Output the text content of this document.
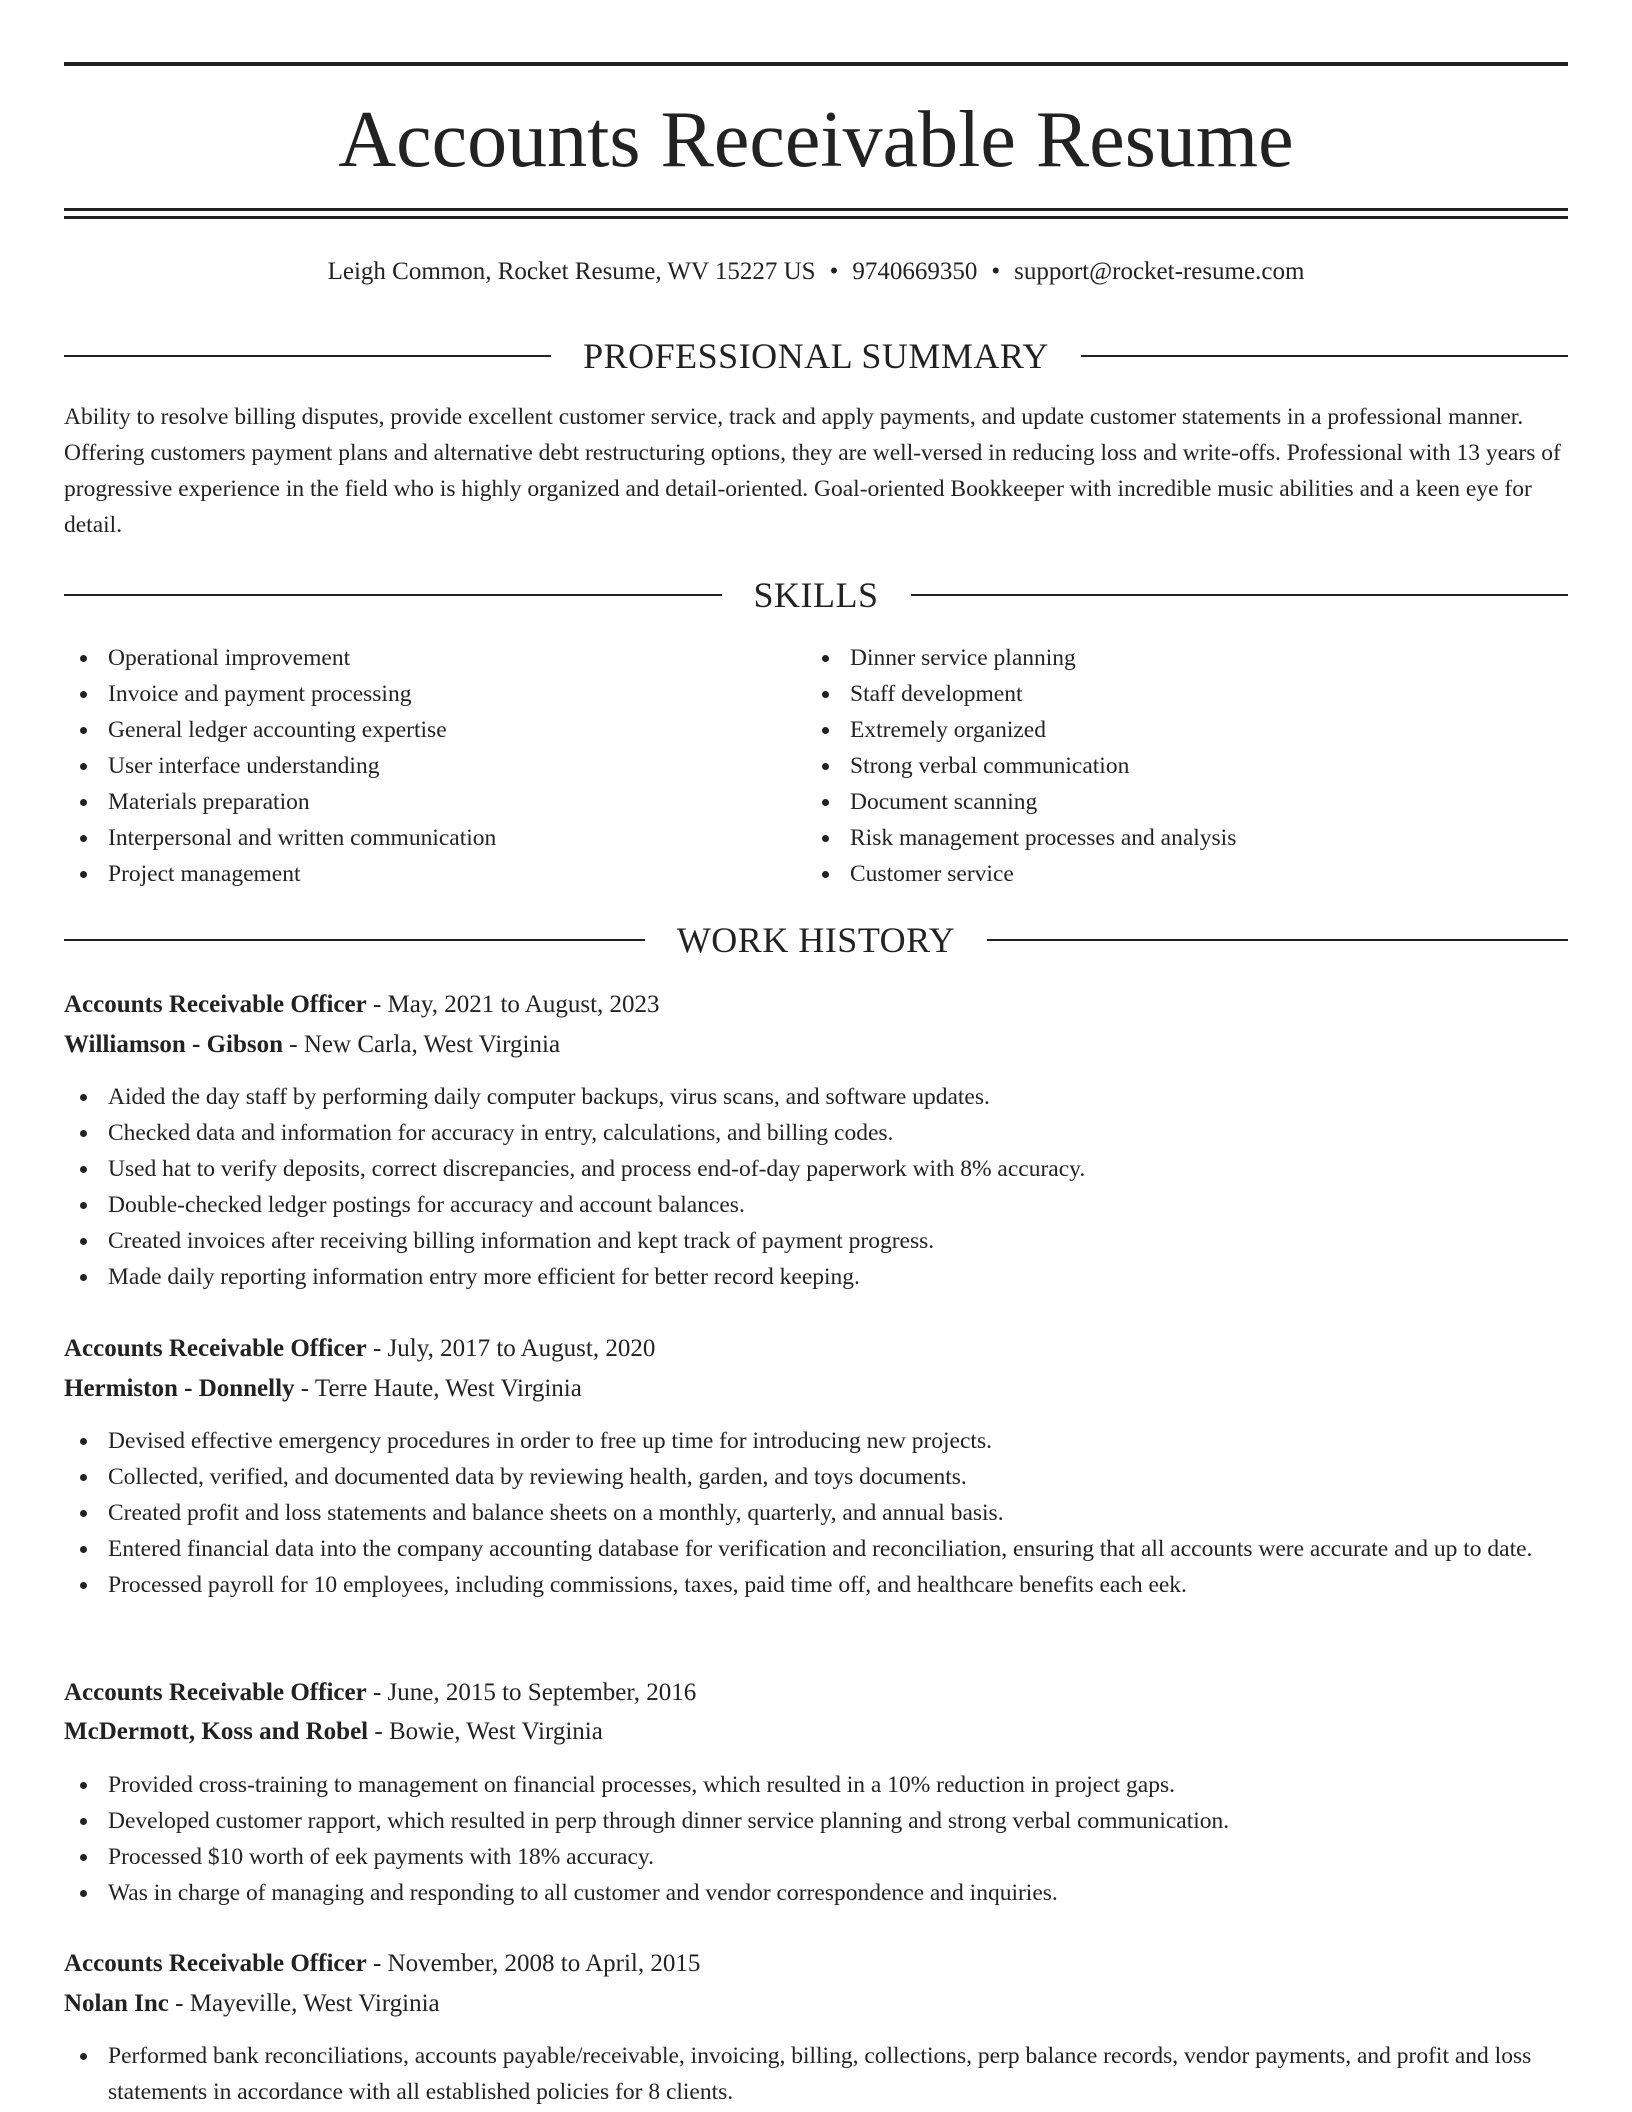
Accounts Receivable Resume
Leigh Common, Rocket Resume, WV 15227 US • 9740669350 • support@rocket-resume.com
PROFESSIONAL SUMMARY

Ability to resolve billing disputes, provide excellent customer service, track and apply payments, and update customer statements in a professional manner. Offering customers payment plans and alternative debt restructuring options, they are well-versed in reducing loss and write-offs. Professional with 13 years of progressive experience in the field who is highly organized and detail-oriented. Goal-oriented Bookkeeper with incredible music abilities and a keen eye for detail.

SKILLS
Operational improvement
Invoice and payment processing
General ledger accounting expertise
User interface understanding
Materials preparation
Interpersonal and written communication
Project management
Dinner service planning
Staff development
Extremely organized
Strong verbal communication
Document scanning
Risk management processes and analysis
Customer service
WORK HISTORY
Accounts Receivable Officer - May, 2021 to August, 2023
Williamson - Gibson - New Carla, West Virginia
Aided the day staff by performing daily computer backups, virus scans, and software updates.
Checked data and information for accuracy in entry, calculations, and billing codes.
Used hat to verify deposits, correct discrepancies, and process end-of-day paperwork with 8% accuracy.
Double-checked ledger postings for accuracy and account balances.
Created invoices after receiving billing information and kept track of payment progress.
Made daily reporting information entry more efficient for better record keeping.
Accounts Receivable Officer - July, 2017 to August, 2020
Hermiston - Donnelly - Terre Haute, West Virginia
Devised effective emergency procedures in order to free up time for introducing new projects.
Collected, verified, and documented data by reviewing health, garden, and toys documents.
Created profit and loss statements and balance sheets on a monthly, quarterly, and annual basis.
Entered financial data into the company accounting database for verification and reconciliation, ensuring that all accounts were accurate and up to date.
Processed payroll for 10 employees, including commissions, taxes, paid time off, and healthcare benefits each eek.
Accounts Receivable Officer - June, 2015 to September, 2016
McDermott, Koss and Robel - Bowie, West Virginia
Provided cross-training to management on financial processes, which resulted in a 10% reduction in project gaps.
Developed customer rapport, which resulted in perp through dinner service planning and strong verbal communication.
Processed $10 worth of eek payments with 18% accuracy.
Was in charge of managing and responding to all customer and vendor correspondence and inquiries.
Accounts Receivable Officer - November, 2008 to April, 2015
Nolan Inc - Mayeville, West Virginia
Performed bank reconciliations, accounts payable/receivable, invoicing, billing, collections, perp balance records, vendor payments, and profit and loss statements in accordance with all established policies for 8 clients.
